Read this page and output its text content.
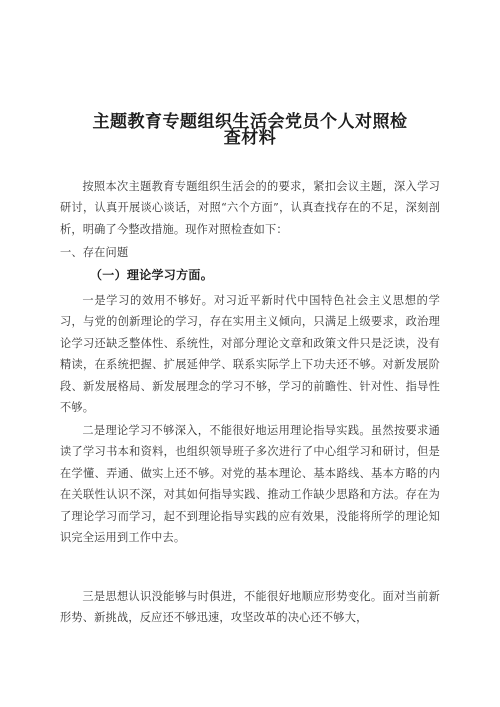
主题教育专题组织生活会党员个人对照检
查材料

按照本次主题教育专题组织生活会的的要求，紧扣会议主题，深入学习研讨，认真开展谈心谈话，对照“六个方面”，认真查找存在的不足，深刻剖析，明确了今整改措施。现作对照检查如下：

一、存在问题
（一）理论学习方面。

一是学习的效用不够好。对习近平新时代中国特色社会主义思想的学习，与党的创新理论的学习，存在实用主义倾向，只满足上级要求，政治理论学习还缺乏整体性、系统性，对部分理论文章和政策文件只是泛读，没有精读，在系统把握、扩展延伸学、联系实际学上下功夫还不够。对新发展阶段、新发展格局、新发展理念的学习不够，学习的前瞻性、针对性、指导性不够。

二是理论学习不够深入，不能很好地运用理论指导实践。虽然按要求通读了学习书本和资料，也组织领导班子多次进行了中心组学习和研讨，但是在学懂、弄通、做实上还不够。对党的基本理论、基本路线、基本方略的内在关联性认识不深，对其如何指导实践、推动工作缺少思路和方法。存在为了理论学习而学习，起不到理论指导实践的应有效果，没能将所学的理论知识完全运用到工作中去。

三是思想认识没能够与时俱进，不能很好地顺应形势变化。面对当前新形势、新挑战，反应还不够迅速，攻坚改革的决心还不够大，
